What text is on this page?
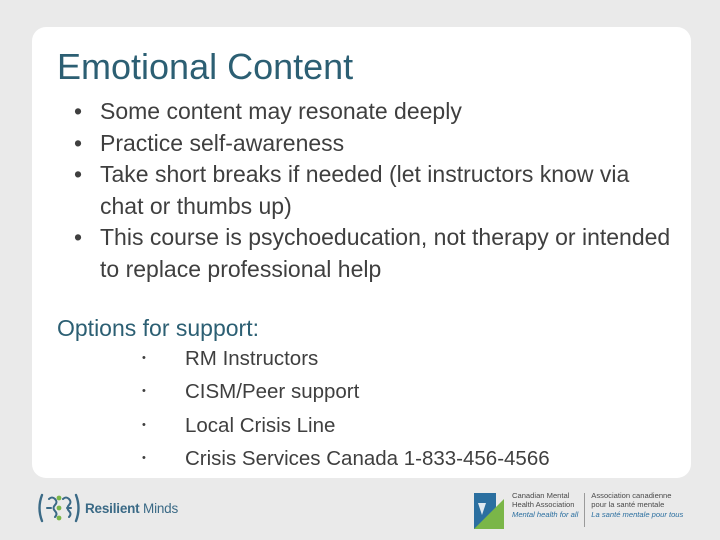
Emotional Content
• Some content may resonate deeply
• Practice self-awareness
• Take short breaks if needed (let instructors know via chat or thumbs up)
• This course is psychoeducation, not therapy or intended to replace professional help

Options for support:

• RM Instructors
• CISM/Peer support
• Local Crisis Line
• Crisis Services Canada 1-833-456-4566
Resilient Minds
Canadian Mental
Health Association
Mental health for all
Association canadienne
pour la santé mentale
La santé mentale pour tous
